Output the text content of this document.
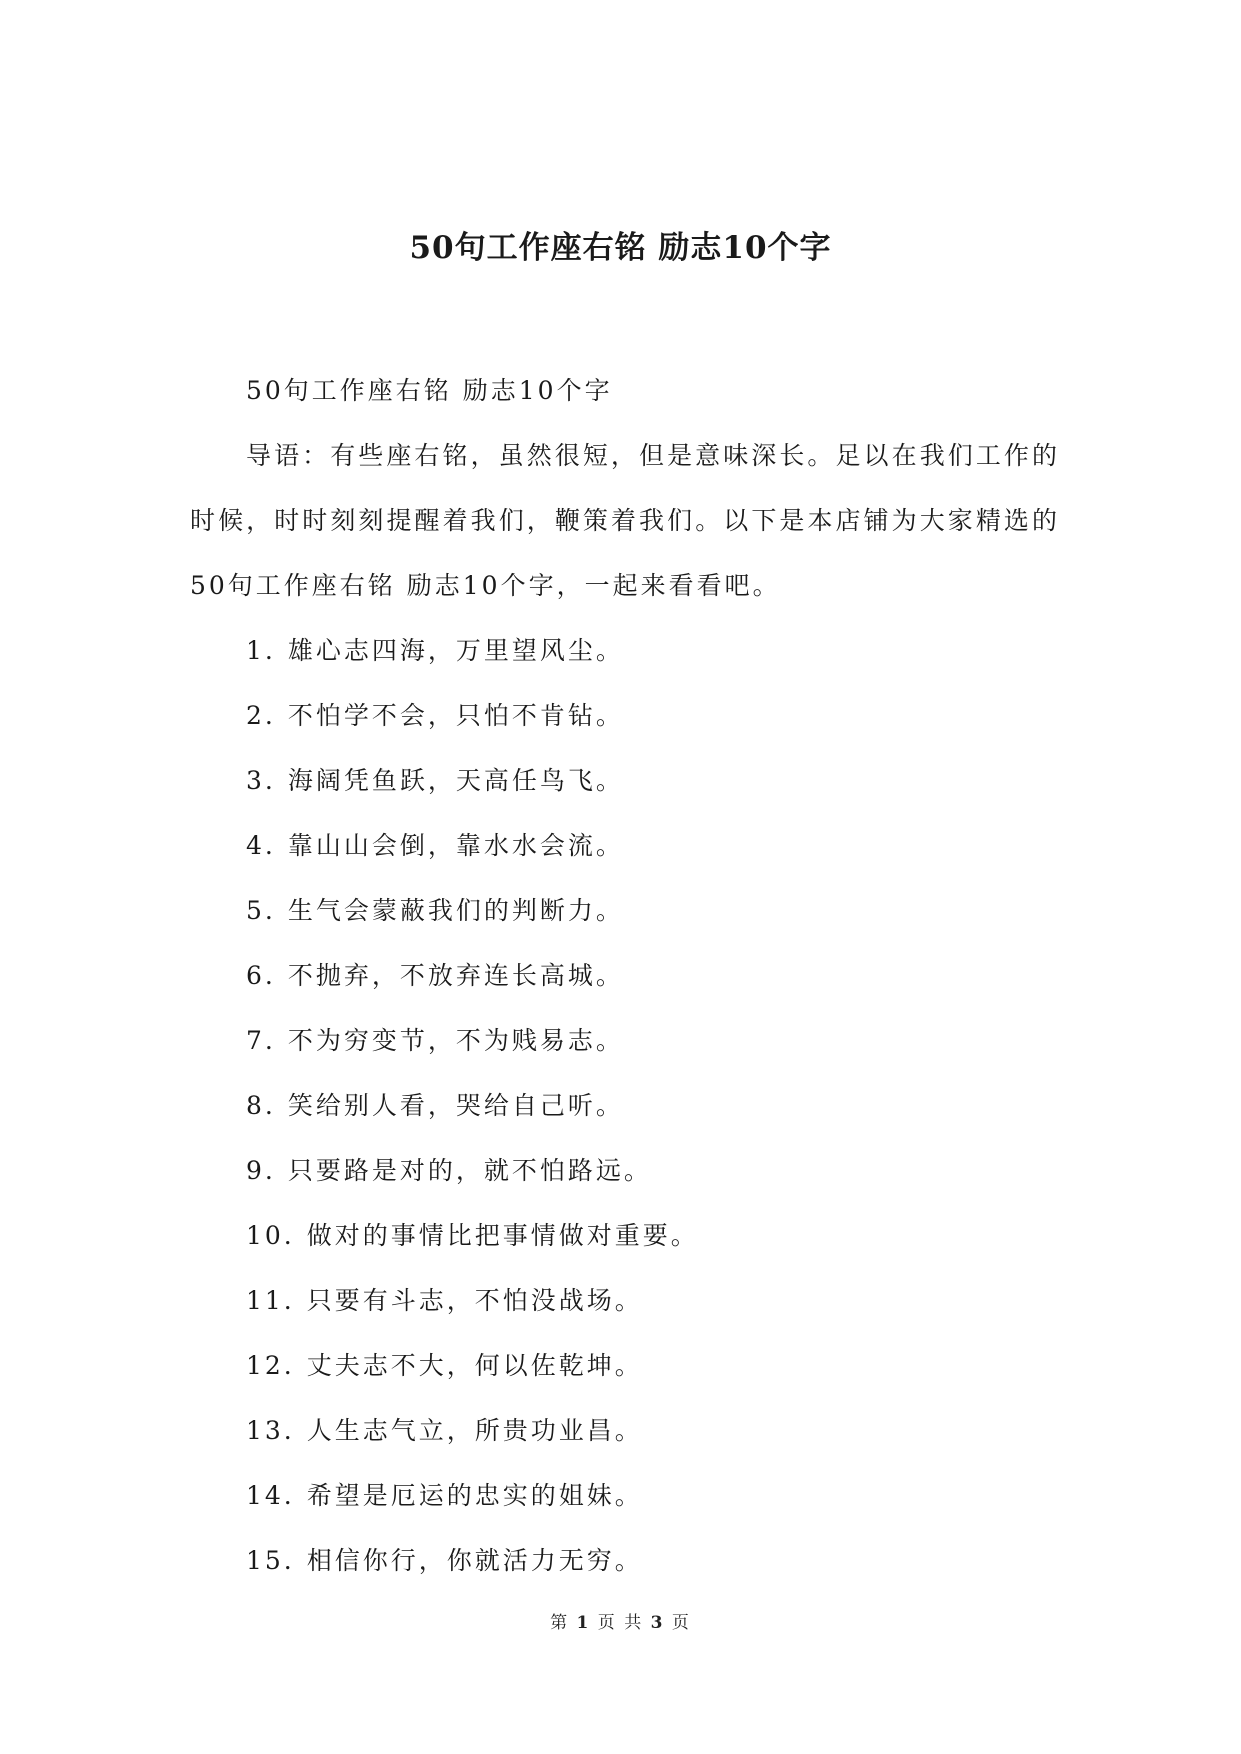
50句工作座右铭 励志10个字

50句工作座右铭 励志10个字

导语：有些座右铭，虽然很短，但是意味深长。足以在我们工作的时候，时时刻刻提醒着我们，鞭策着我们。以下是本店铺为大家精选的50句工作座右铭 励志10个字，一起来看看吧。

1. 雄心志四海，万里望风尘。
2. 不怕学不会，只怕不肯钻。
3. 海阔凭鱼跃，天高任鸟飞。
4. 靠山山会倒，靠水水会流。
5. 生气会蒙蔽我们的判断力。
6. 不抛弃，不放弃连长高城。
7. 不为穷变节，不为贱易志。
8. 笑给别人看，哭给自己听。
9. 只要路是对的，就不怕路远。
10. 做对的事情比把事情做对重要。
11. 只要有斗志，不怕没战场。
12. 丈夫志不大，何以佐乾坤。
13. 人生志气立，所贵功业昌。
14. 希望是厄运的忠实的姐妹。
15. 相信你行，你就活力无穷。
第 1 页 共 3 页
